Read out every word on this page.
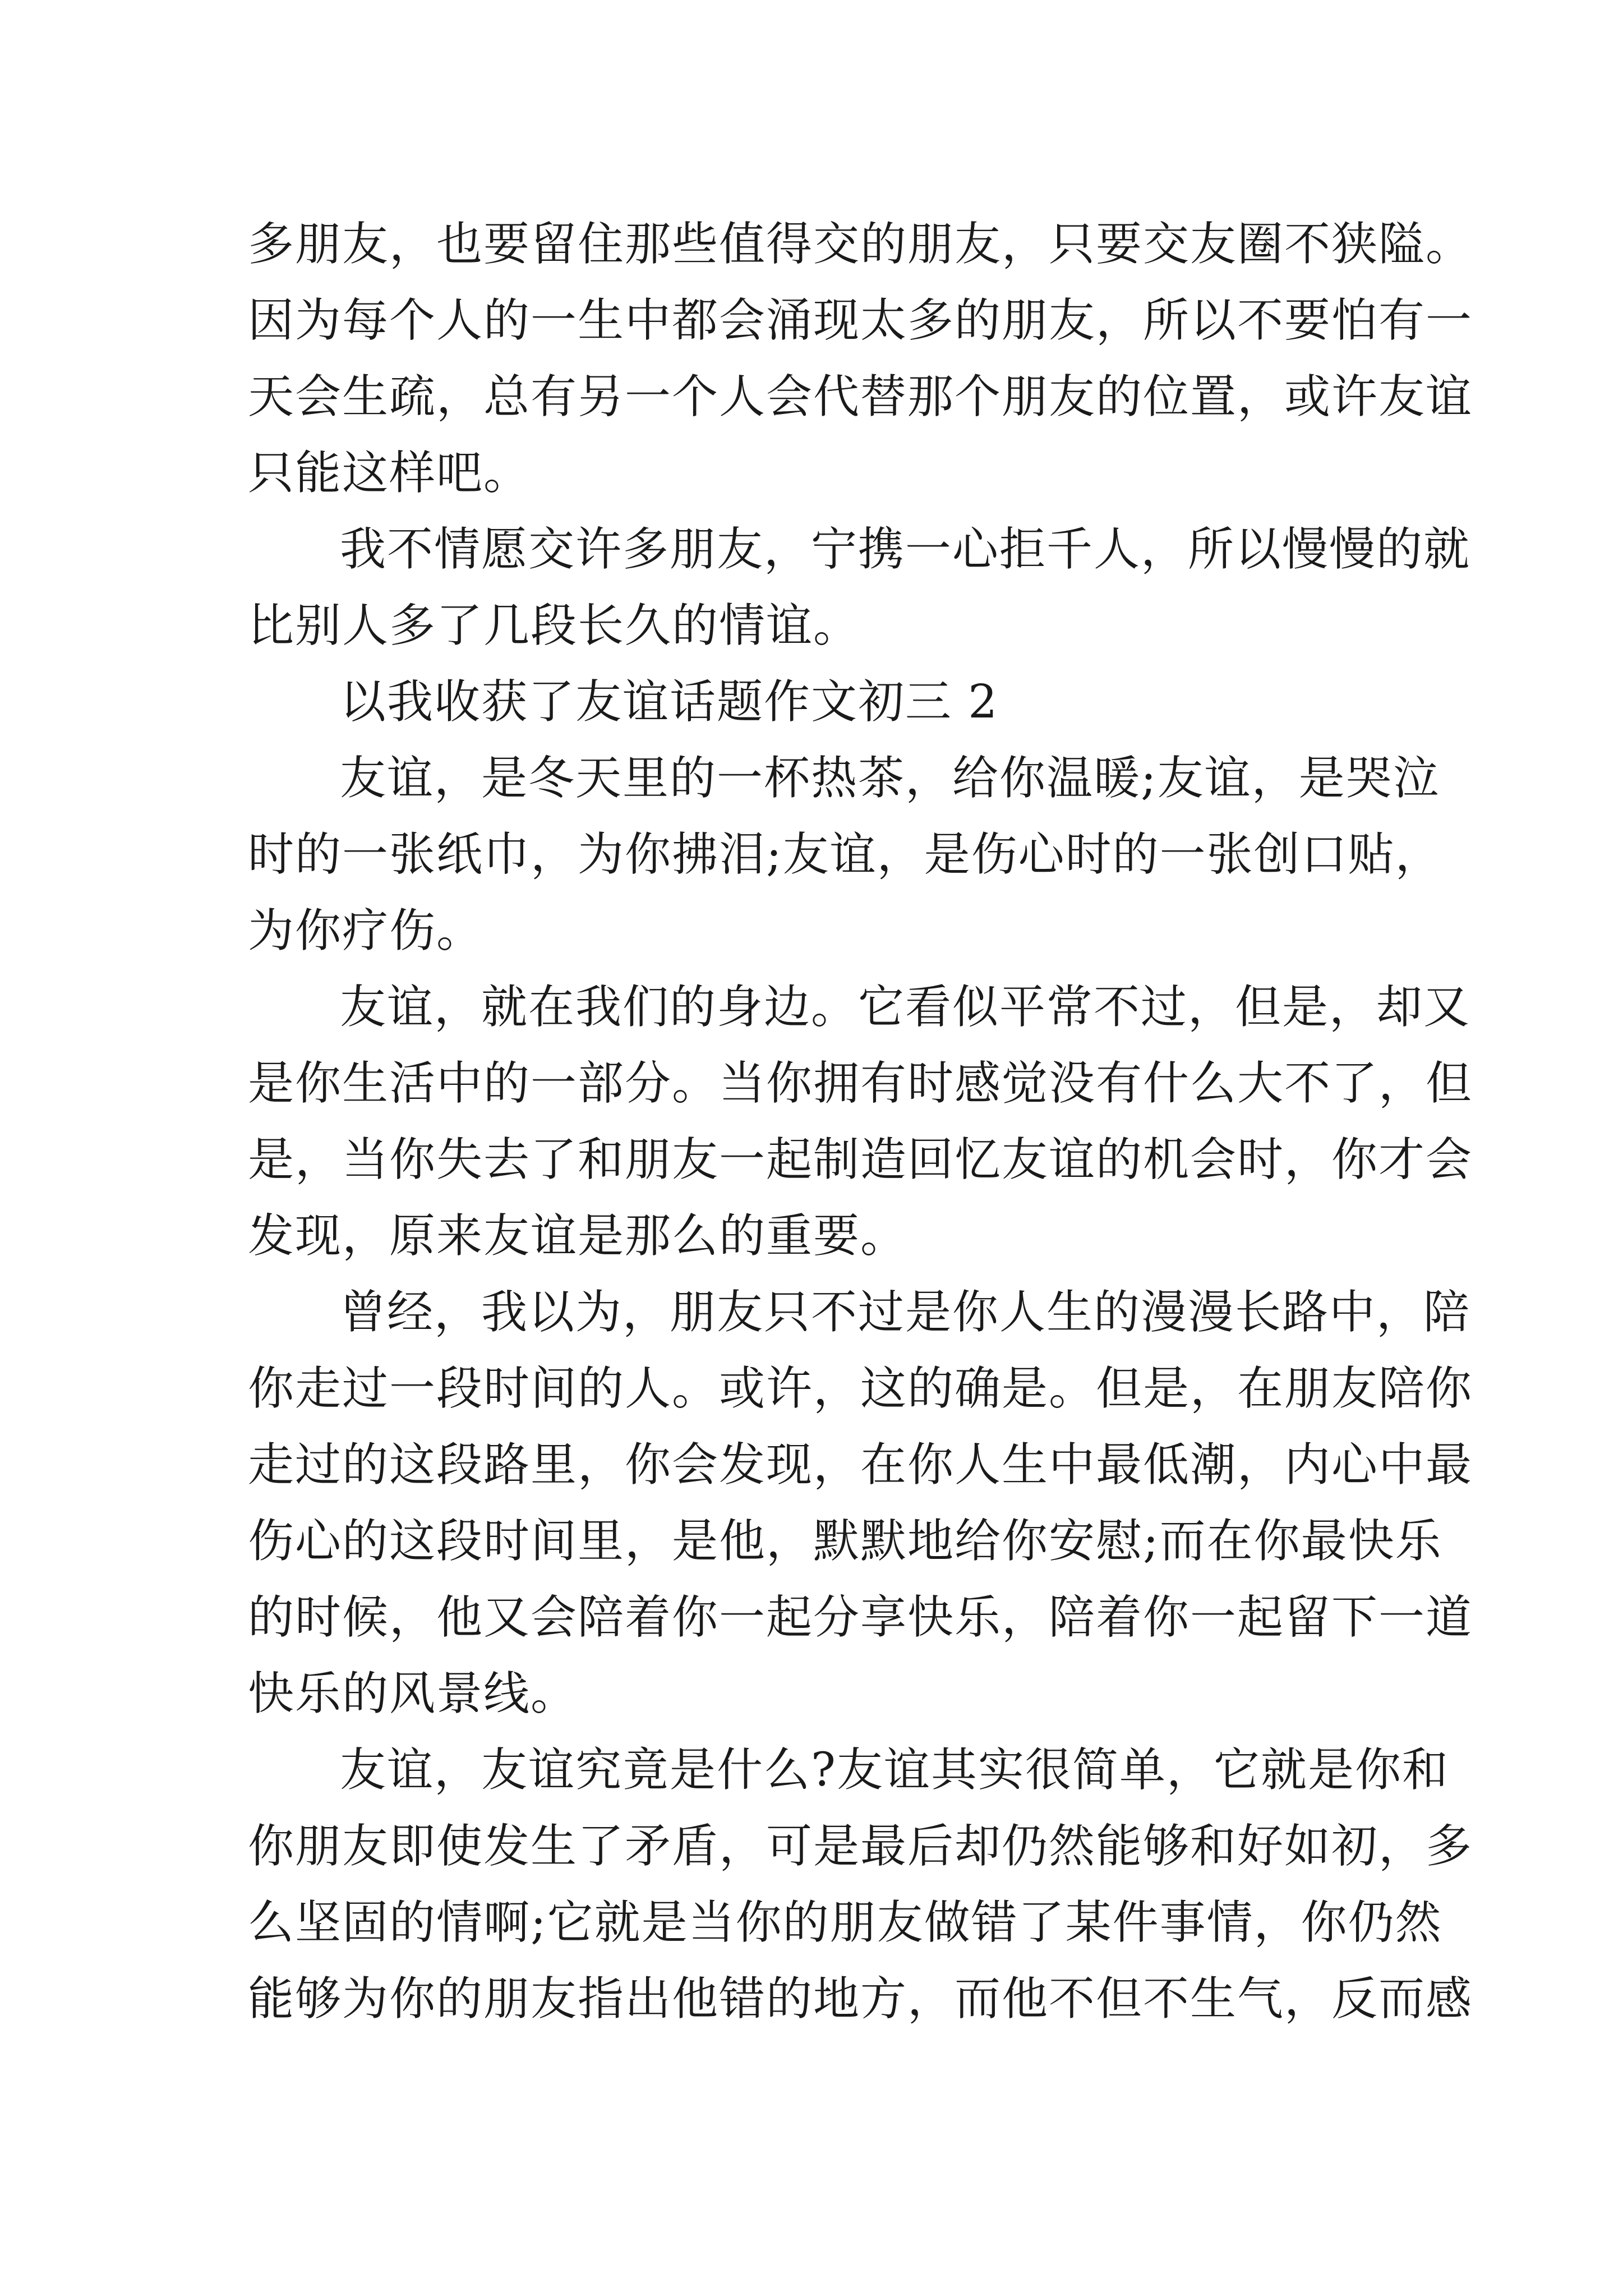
多朋友，也要留住那些值得交的朋友，只要交友圈不狭隘。
因为每个人的一生中都会涌现太多的朋友，所以不要怕有一
天会生疏，总有另一个人会代替那个朋友的位置，或许友谊
只能这样吧。
我不情愿交许多朋友，宁携一心拒千人，所以慢慢的就
比别人多了几段长久的情谊。
以我收获了友谊话题作文初三 2
友谊，是冬天里的一杯热茶，给你温暖;友谊，是哭泣
时的一张纸巾，为你拂泪;友谊，是伤心时的一张创口贴，
为你疗伤。
友谊，就在我们的身边。它看似平常不过，但是，却又
是你生活中的一部分。当你拥有时感觉没有什么大不了，但
是，当你失去了和朋友一起制造回忆友谊的机会时，你才会
发现，原来友谊是那么的重要。
曾经，我以为，朋友只不过是你人生的漫漫长路中，陪
你走过一段时间的人。或许，这的确是。但是，在朋友陪你
走过的这段路里，你会发现，在你人生中最低潮，内心中最
伤心的这段时间里，是他，默默地给你安慰;而在你最快乐
的时候，他又会陪着你一起分享快乐，陪着你一起留下一道
快乐的风景线。
友谊，友谊究竟是什么?友谊其实很简单，它就是你和
你朋友即使发生了矛盾，可是最后却仍然能够和好如初，多
么坚固的情啊;它就是当你的朋友做错了某件事情，你仍然
能够为你的朋友指出他错的地方，而他不但不生气，反而感
